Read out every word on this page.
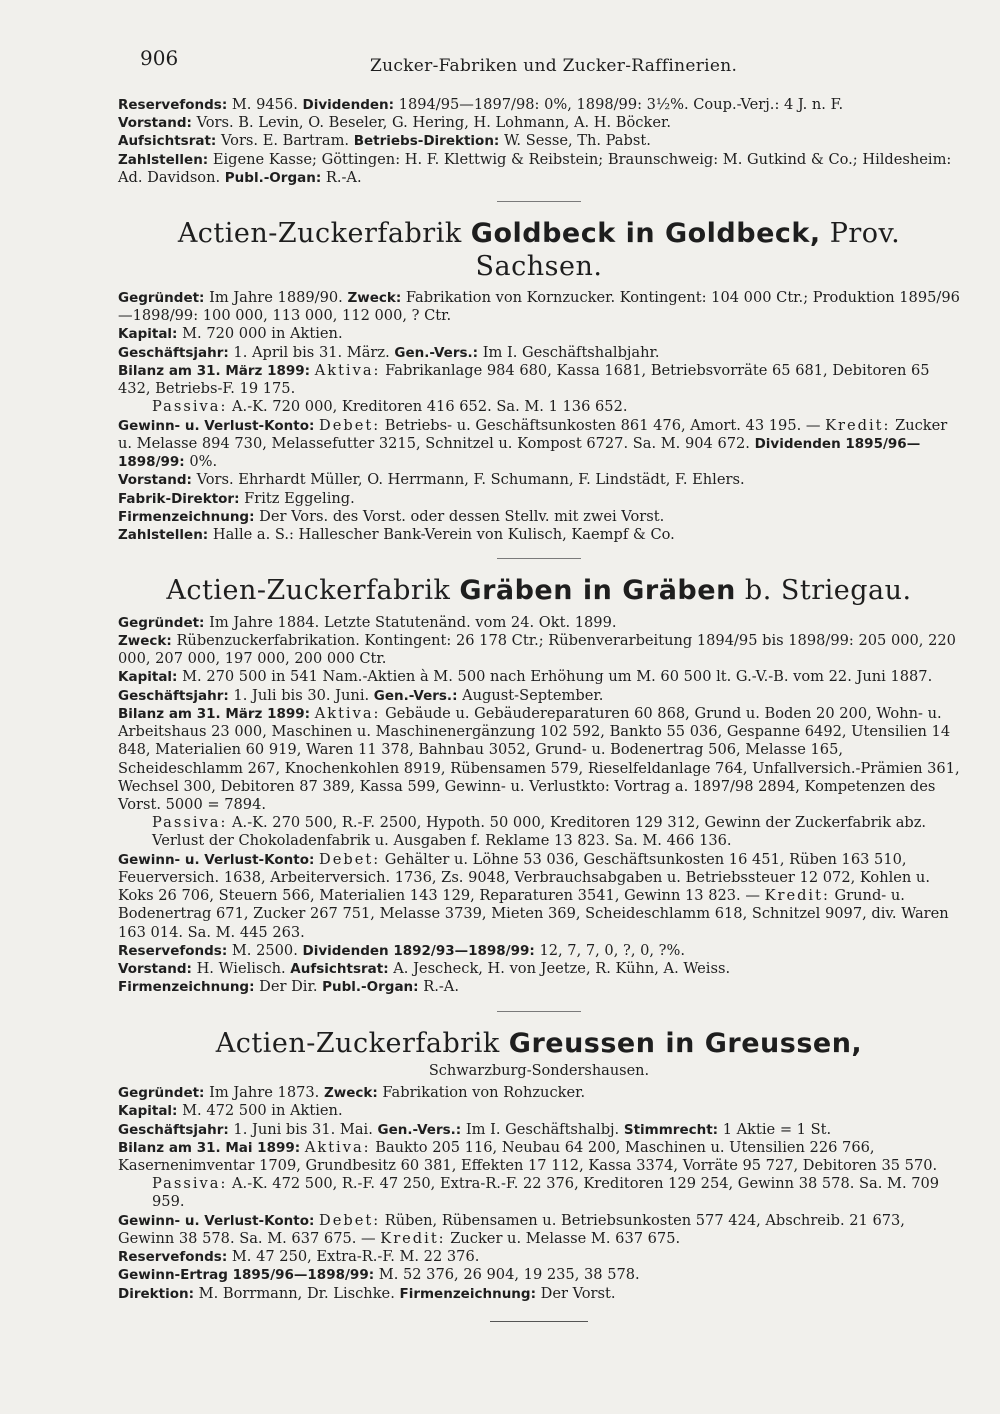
906	Zucker-Fabriken und Zucker-Raffinerien.

Reservefonds: M. 9456. Dividenden: 1894/95—1897/98: 0%, 1898/99: 3½%. Coup.-Verj.: 4 J. n. F.

Vorstand: Vors. B. Levin, O. Beseler, G. Hering, H. Lohmann, A. H. Böcker.

Aufsichtsrat: Vors. E. Bartram. Betriebs-Direktion: W. Sesse, Th. Pabst.

Zahlstellen: Eigene Kasse; Göttingen: H. F. Klettwig & Reibstein; Braunschweig: M. Gutkind & Co.; Hildesheim: Ad. Davidson. Publ.-Organ: R.-A.

Actien-Zuckerfabrik Goldbeck in Goldbeck, Prov. Sachsen.

Gegründet: Im Jahre 1889/90. Zweck: Fabrikation von Kornzucker. Kontingent: 104 000 Ctr.; Produktion 1895/96—1898/99: 100 000, 113 000, 112 000, ? Ctr.

Kapital: M. 720 000 in Aktien.

Geschäftsjahr: 1. April bis 31. März. Gen.-Vers.: Im I. Geschäftshalbjahr.

Bilanz am 31. März 1899: Aktiva: Fabrikanlage 984 680, Kassa 1681, Betriebsvorräte 65 681, Debitoren 65 432, Betriebs-F. 19 175.

Passiva: A.-K. 720 000, Kreditoren 416 652. Sa. M. 1 136 652.

Gewinn- u. Verlust-Konto: Debet: Betriebs- u. Geschäftsunkosten 861 476, Amort. 43 195. — Kredit: Zucker u. Melasse 894 730, Melassefutter 3215, Schnitzel u. Kompost 6727. Sa. M. 904 672. Dividenden 1895/96—1898/99: 0%.

Vorstand: Vors. Ehrhardt Müller, O. Herrmann, F. Schumann, F. Lindstädt, F. Ehlers.

Fabrik-Direktor: Fritz Eggeling.

Firmenzeichnung: Der Vors. des Vorst. oder dessen Stellv. mit zwei Vorst.

Zahlstellen: Halle a. S.: Hallescher Bank-Verein von Kulisch, Kaempf & Co.

Actien-Zuckerfabrik Gräben in Gräben b. Striegau.

Gegründet: Im Jahre 1884. Letzte Statutenänd. vom 24. Okt. 1899.

Zweck: Rübenzuckerfabrikation. Kontingent: 26 178 Ctr.; Rübenverarbeitung 1894/95 bis 1898/99: 205 000, 220 000, 207 000, 197 000, 200 000 Ctr.

Kapital: M. 270 500 in 541 Nam.-Aktien à M. 500 nach Erhöhung um M. 60 500 lt. G.-V.-B. vom 22. Juni 1887.

Geschäftsjahr: 1. Juli bis 30. Juni. Gen.-Vers.: August-September.

Bilanz am 31. März 1899: Aktiva: Gebäude u. Gebäudereparaturen 60 868, Grund u. Boden 20 200, Wohn- u. Arbeitshaus 23 000, Maschinen u. Maschinenergänzung 102 592, Bankto 55 036, Gespanne 6492, Utensilien 14 848, Materialien 60 919, Waren 11 378, Bahnbau 3052, Grund- u. Bodenertrag 506, Melasse 165, Scheideschlamm 267, Knochenkohlen 8919, Rübensamen 579, Rieselfeldanlage 764, Unfallversich.-Prämien 361, Wechsel 300, Debitoren 87 389, Kassa 599, Gewinn- u. Verlustkto: Vortrag a. 1897/98 2894, Kompetenzen des Vorst. 5000 = 7894.

Passiva: A.-K. 270 500, R.-F. 2500, Hypoth. 50 000, Kreditoren 129 312, Gewinn der Zuckerfabrik abz. Verlust der Chokoladenfabrik u. Ausgaben f. Reklame 13 823. Sa. M. 466 136.

Gewinn- u. Verlust-Konto: Debet: Gehälter u. Löhne 53 036, Geschäftsunkosten 16 451, Rüben 163 510, Feuerversich. 1638, Arbeiterversich. 1736, Zs. 9048, Verbrauchsabgaben u. Betriebssteuer 12 072, Kohlen u. Koks 26 706, Steuern 566, Materialien 143 129, Reparaturen 3541, Gewinn 13 823. — Kredit: Grund- u. Bodenertrag 671, Zucker 267 751, Melasse 3739, Mieten 369, Scheideschlamm 618, Schnitzel 9097, div. Waren 163 014. Sa. M. 445 263.

Reservefonds: M. 2500. Dividenden 1892/93—1898/99: 12, 7, 7, 0, ?, 0, ?%.

Vorstand: H. Wielisch. Aufsichtsrat: A. Jescheck, H. von Jeetze, R. Kühn, A. Weiss.

Firmenzeichnung: Der Dir. Publ.-Organ: R.-A.

Actien-Zuckerfabrik Greussen in Greussen,
Schwarzburg-Sondershausen.

Gegründet: Im Jahre 1873. Zweck: Fabrikation von Rohzucker.

Kapital: M. 472 500 in Aktien.

Geschäftsjahr: 1. Juni bis 31. Mai. Gen.-Vers.: Im I. Geschäftshalbj. Stimmrecht: 1 Aktie = 1 St.

Bilanz am 31. Mai 1899: Aktiva: Baukto 205 116, Neubau 64 200, Maschinen u. Utensilien 226 766, Kasernenimventar 1709, Grundbesitz 60 381, Effekten 17 112, Kassa 3374, Vorräte 95 727, Debitoren 35 570.

Passiva: A.-K. 472 500, R.-F. 47 250, Extra-R.-F. 22 376, Kreditoren 129 254, Gewinn 38 578. Sa. M. 709 959.

Gewinn- u. Verlust-Konto: Debet: Rüben, Rübensamen u. Betriebsunkosten 577 424, Abschreib. 21 673, Gewinn 38 578. Sa. M. 637 675. — Kredit: Zucker u. Melasse M. 637 675.

Reservefonds: M. 47 250, Extra-R.-F. M. 22 376.

Gewinn-Ertrag 1895/96—1898/99: M. 52 376, 26 904, 19 235, 38 578.

Direktion: M. Borrmann, Dr. Lischke. Firmenzeichnung: Der Vorst.
